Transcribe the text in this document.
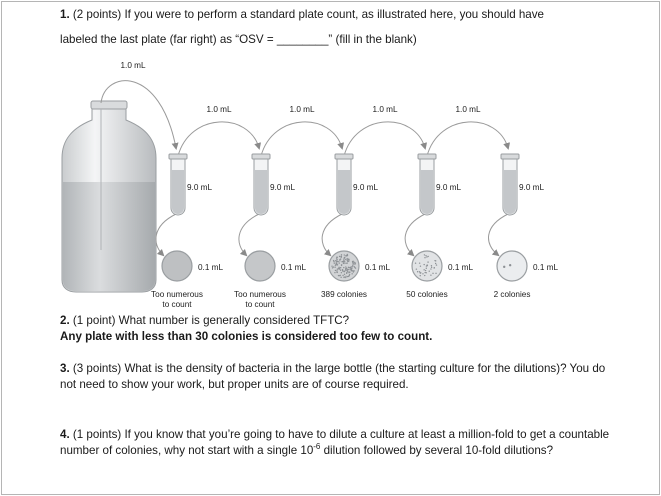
1. (2 points) If you were to perform a standard plate count, as illustrated here, you should have
labeled the last plate (far right) as “OSV = ________” (fill in the blank)
1.0 mL
1.0 mL	1.0 mL	1.0 mL	1.0 mL
9.0 mL	9.0 mL	9.0 mL	9.0 mL	9.0 mL
0.1 mL
Too numerous
to count
0.1 mL
Too numerous
to count
0.1 mL
389 colonies
0.1 mL
50 colonies
0.1 mL
2 colonies
2. (1 point) What number is generally considered TFTC?
Any plate with less than 30 colonies is considered too few to count.
3. (3 points) What is the density of bacteria in the large bottle (the starting culture for the dilutions)? You do not need to show your work, but proper units are of course required.
4. (1 points) If you know that you’re going to have to dilute a culture at least a million-fold to get a countable number of colonies, why not start with a single $10^{-6}$ dilution followed by several 10-fold dilutions?
